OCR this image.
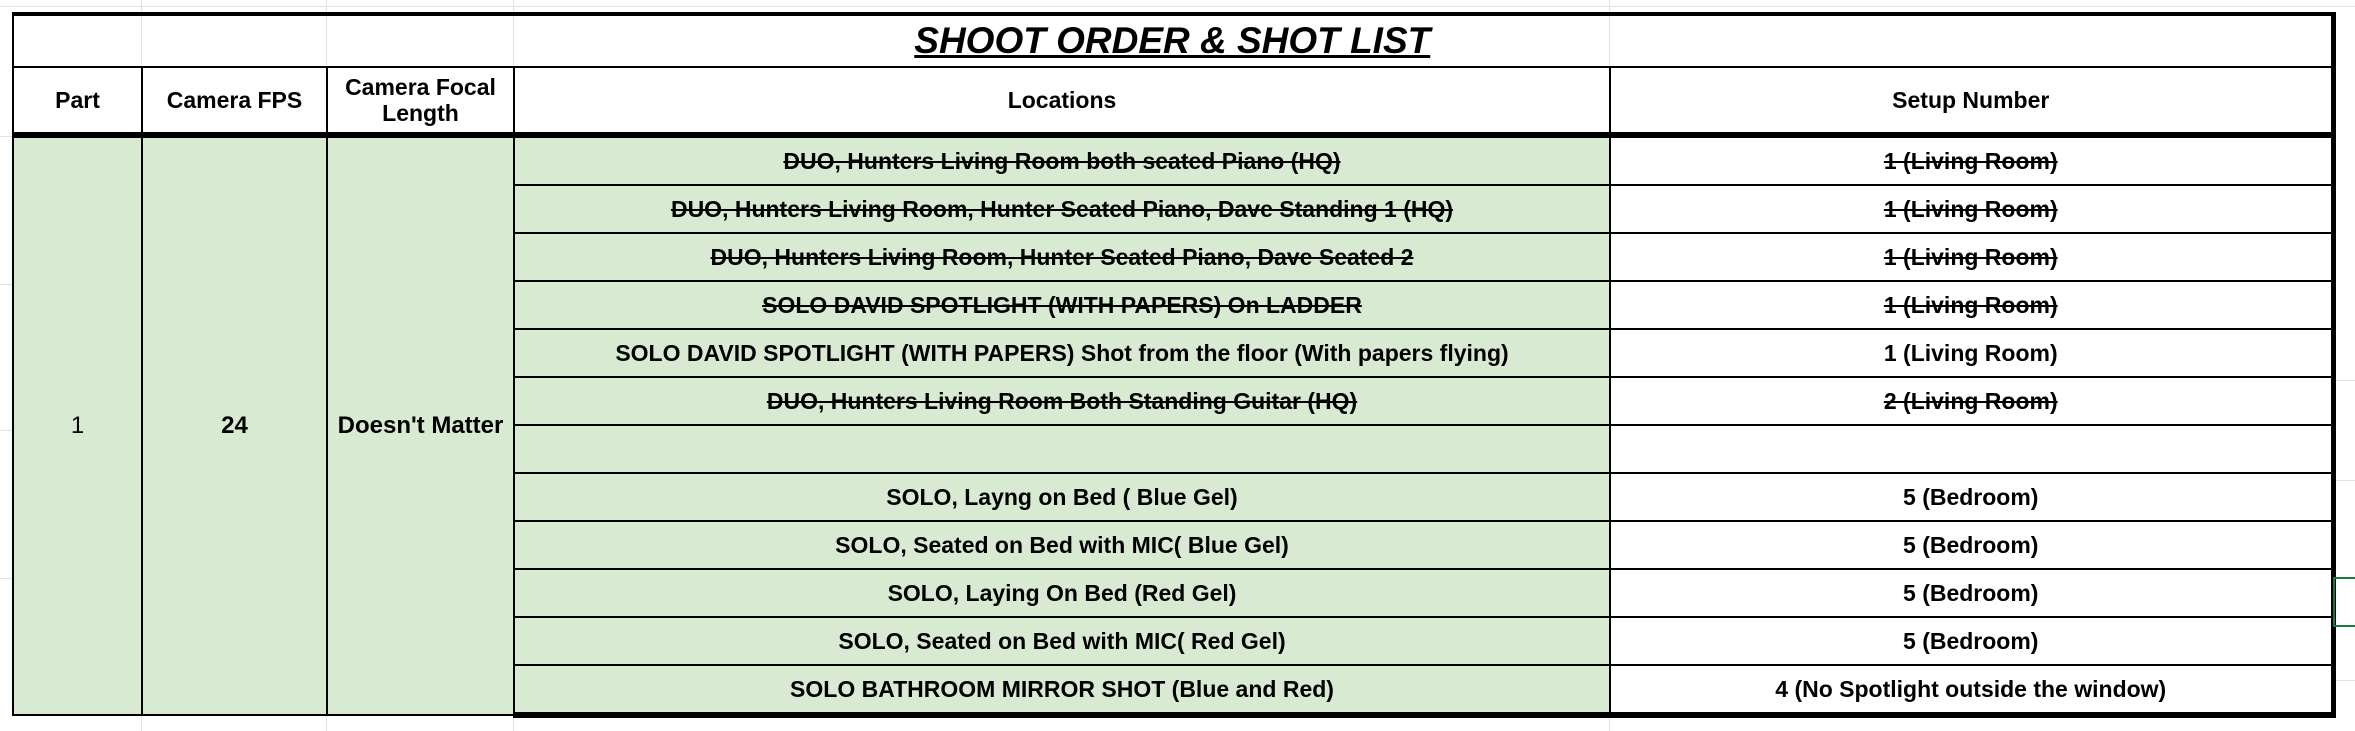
SHOOT ORDER & SHOT LIST				
Part	Camera FPS	Camera Focal Length	Locations	Setup Number
1	24	Doesn't Matter	DUO, Hunters Living Room both seated Piano (HQ)	1 (Living Room)
			DUO, Hunters Living Room, Hunter Seated Piano, Dave Standing 1 (HQ)	1 (Living Room)
			DUO, Hunters Living Room, Hunter Seated Piano, Dave Seated 2	1 (Living Room)
			SOLO DAVID SPOTLIGHT (WITH PAPERS) On LADDER	1 (Living Room)
			SOLO DAVID SPOTLIGHT (WITH PAPERS) Shot from the floor (With papers flying)	1 (Living Room)
			DUO, Hunters Living Room Both Standing Guitar (HQ)	2 (Living Room)

			SOLO, Layng on Bed ( Blue Gel)	5 (Bedroom)
			SOLO, Seated on Bed with MIC( Blue Gel)	5 (Bedroom)
			SOLO, Laying On Bed (Red Gel)	5 (Bedroom)
			SOLO, Seated on Bed with MIC( Red Gel)	5 (Bedroom)
			SOLO BATHROOM MIRROR SHOT (Blue and Red)	4 (No Spotlight outside the window)
